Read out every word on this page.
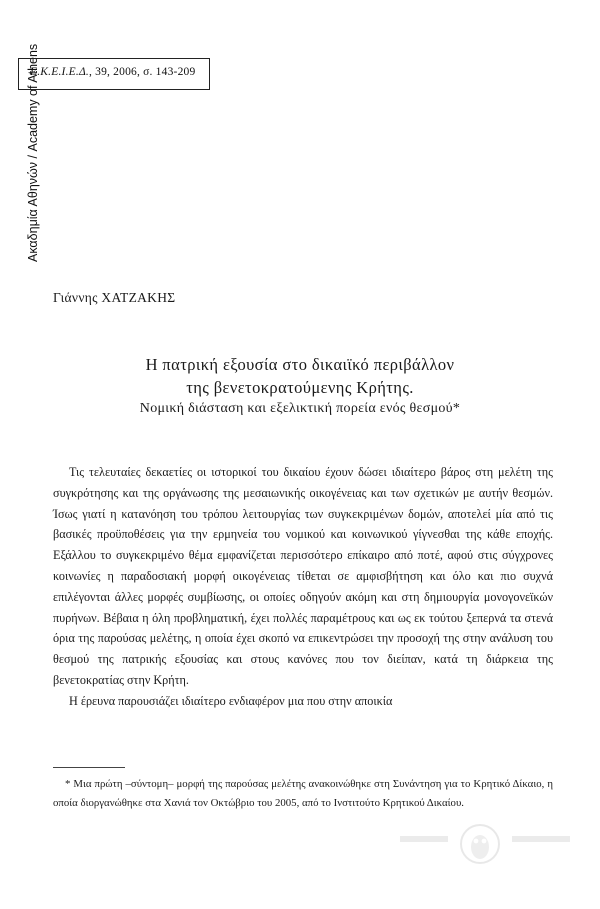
Ακαδημία Αθηνών / Academy of Athens
Ε.Κ.Ε.Ι.Ε.Δ., 39, 2006, σ. 143-209
Γιάννης ΧΑΤΖΑΚΗΣ
Η πατρική εξουσία στο δικαιϊκό περιβάλλον
της βενετοκρατούμενης Κρήτης.
Νομική διάσταση και εξελικτική πορεία ενός θεσμού*

Τις τελευταίες δεκαετίες οι ιστορικοί του δικαίου έχουν δώσει ιδιαίτερο βάρος στη μελέτη της συγκρότησης και της οργάνωσης της μεσαιωνικής οικογένειας και των σχετικών με αυτήν θεσμών. Ίσως γιατί η κατανόηση του τρόπου λειτουργίας των συγκεκριμένων δομών, αποτελεί μία από τις βασικές προϋποθέσεις για την ερμηνεία του νομικού και κοινωνικού γίγνεσθαι της κάθε εποχής. Εξάλλου το συγκεκριμένο θέμα εμφανίζεται περισσότερο επίκαιρο από ποτέ, αφού στις σύγχρονες κοινωνίες η παραδοσιακή μορφή οικογένειας τίθεται σε αμφισβήτηση και όλο και πιο συχνά επιλέγονται άλλες μορφές συμβίωσης, οι οποίες οδηγούν ακόμη και στη δημιουργία μονογονεϊκών πυρήνων. Βέβαια η όλη προβληματική, έχει πολλές παραμέτρους και ως εκ τούτου ξεπερνά τα στενά όρια της παρούσας μελέτης, η οποία έχει σκοπό να επικεντρώσει την προσοχή της στην ανάλυση του θεσμού της πατρικής εξουσίας και στους κανόνες που τον διείπαν, κατά τη διάρκεια της βενετοκρατίας στην Κρήτη.

Η έρευνα παρουσιάζει ιδιαίτερο ενδιαφέρον μια που στην αποικία

* Μια πρώτη –σύντομη– μορφή της παρούσας μελέτης ανακοινώθηκε στη Συνάντηση για το Κρητικό Δίκαιο, η οποία διοργανώθηκε στα Χανιά τον Οκτώβριο του 2005, από το Ινστιτούτο Κρητικού Δικαίου.
